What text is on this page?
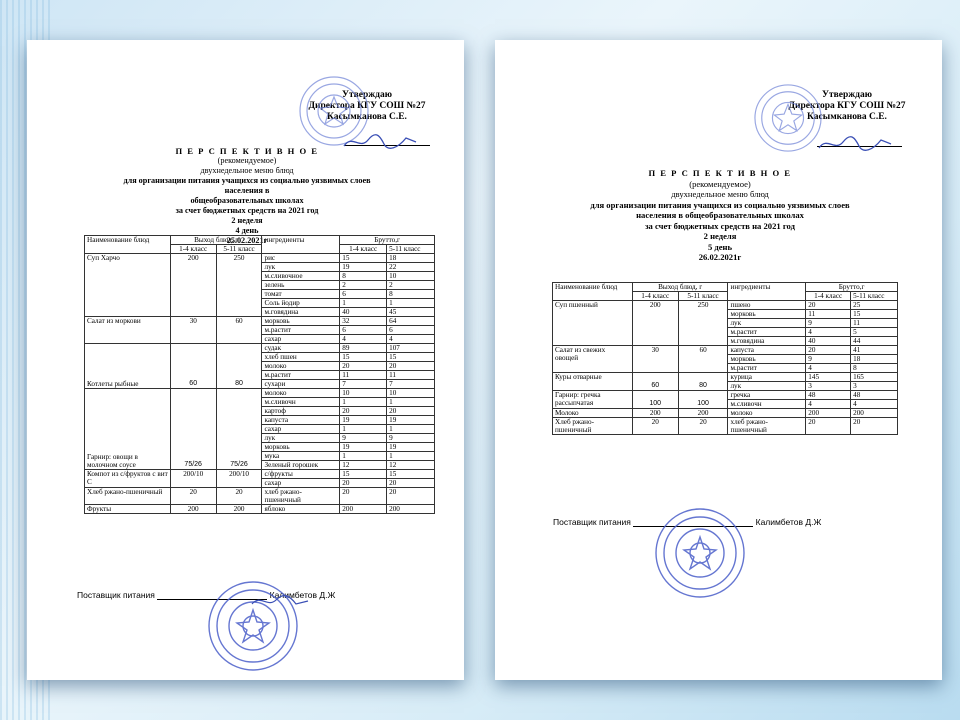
Утверждаю
Директора КГУ СОШ №27
Касымканова С.Е.
П Е Р С П Е К Т И В Н О Е
(рекомендуемое)
двухнедельное меню блюд
для организации питания учащихся из социально уязвимых слоев населения в
общеобразовательных школах
за счет бюджетных средств на 2021 год
2 неделя
4 день
25.02.2021г
Наименование блюд	Выход блюд, г		ингредиенты	Брутто,г	
	1-4 класс	5-11 класс		1-4 класс	5-11 класс
Суп Харчо	200	250	рис	15	18
			лук	19	22
			м.сливочное	8	10
			зелень	2	2
			томат	6	8
			Соль йодир	1	1
			м.говядина	40	45
Салат из моркови	30	60	морковь	32	64
			м.растит	6	6
			сахар	4	4
Котлеты рыбные	60	80	судак	89	107
			хлеб пшен	15	15
			молоко	20	20
			м.растит	11	11
			сухари	7	7
Гарнир: овощи в молочном соусе	75/26	75/26	молоко	10	10
			м.сливочн	1	1
			картоф	20	20
			капуста	19	19
			сахар	1	1
			лук	9	9
			морковь	19	19
			мука	1	1
			Зеленый горошек	12	12
Компот из с/фруктов с вит С	200/10	200/10	с/фрукты	15	15
			сахар	20	20
Хлеб ржано-пшеничный	20	20	хлеб ржано-пшеничный	20	20
Фрукты	200	200	яблоко	200	200
Поставщик питания	Калимбетов Д.Ж
Утверждаю
Директора КГУ СОШ №27
Касымканова С.Е.
П Е Р С П Е К Т И В Н О Е
(рекомендуемое)
двухнедельное меню блюд
для организации питания учащихся из социально уязвимых слоев
населения в общеобразовательных школах
за счет бюджетных средств на 2021 год
2 неделя
5 день
26.02.2021г
Наименование блюд	Выход блюд, г		ингредиенты	Брутто,г	
	1-4 класс	5-11 класс		1-4 класс	5-11 класс
Суп пшенный	200	250	пшено	20	25
			морковь	11	15
			лук	9	11
			м.растит	4	5
			м.говядина	40	44
Салат из свежих овощей	30	60	капуста	20	41
			морковь	9	18
			м.растит	4	8
Куры отварные	60	80	курица	145	165
			лук	3	3
Гарнир: гречка рассыпчатая	100	100	гречка	48	48
			м.сливочн	4	4
Молоко	200	200	молоко	200	200
Хлеб ржано-пшеничный	20	20	хлеб ржано-пшеничный	20	20
Поставщик питания	Калимбетов Д.Ж
